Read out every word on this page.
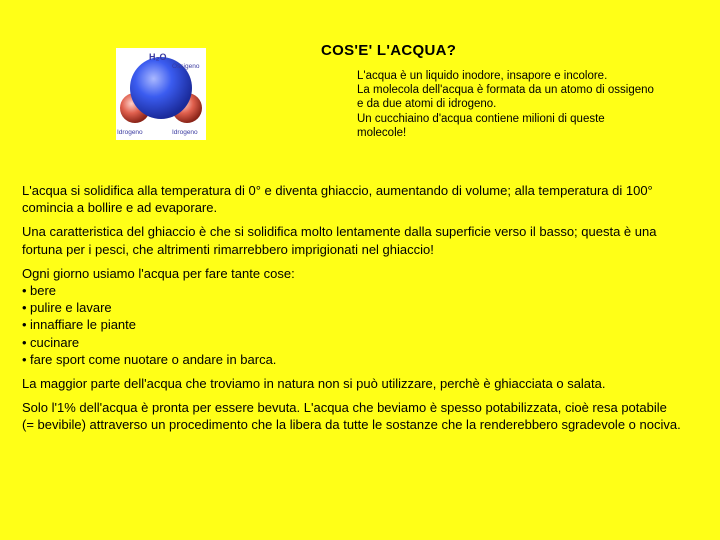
H₂O
Ossigeno
Idrogeno	Idrogeno
COS'E' L'ACQUA?

L'acqua è un liquido inodore, insapore e incolore.

La molecola dell'acqua è formata da un atomo di ossigeno e da due atomi di idrogeno.

Un cucchiaino d'acqua contiene milioni di queste molecole!

L'acqua si solidifica alla temperatura di 0° e diventa ghiaccio, aumentando di volume; alla temperatura di 100° comincia a bollire e ad evaporare.

Una caratteristica del ghiaccio è che si solidifica molto lentamente dalla superficie verso il basso; questa è una fortuna per i pesci, che altrimenti rimarrebbero imprigionati nel ghiaccio!

Ogni giorno usiamo l'acqua per fare tante cose:

• bere
• pulire e lavare
• innaffiare le piante
• cucinare
• fare sport come nuotare o andare in barca.

La maggior parte dell'acqua che troviamo in natura non si può utilizzare, perchè è ghiacciata o salata.

Solo l'1% dell'acqua è pronta per essere bevuta. L'acqua che beviamo è spesso potabilizzata, cioè resa potabile (= bevibile) attraverso un procedimento che la libera da tutte le sostanze che la renderebbero sgradevole o nociva.
